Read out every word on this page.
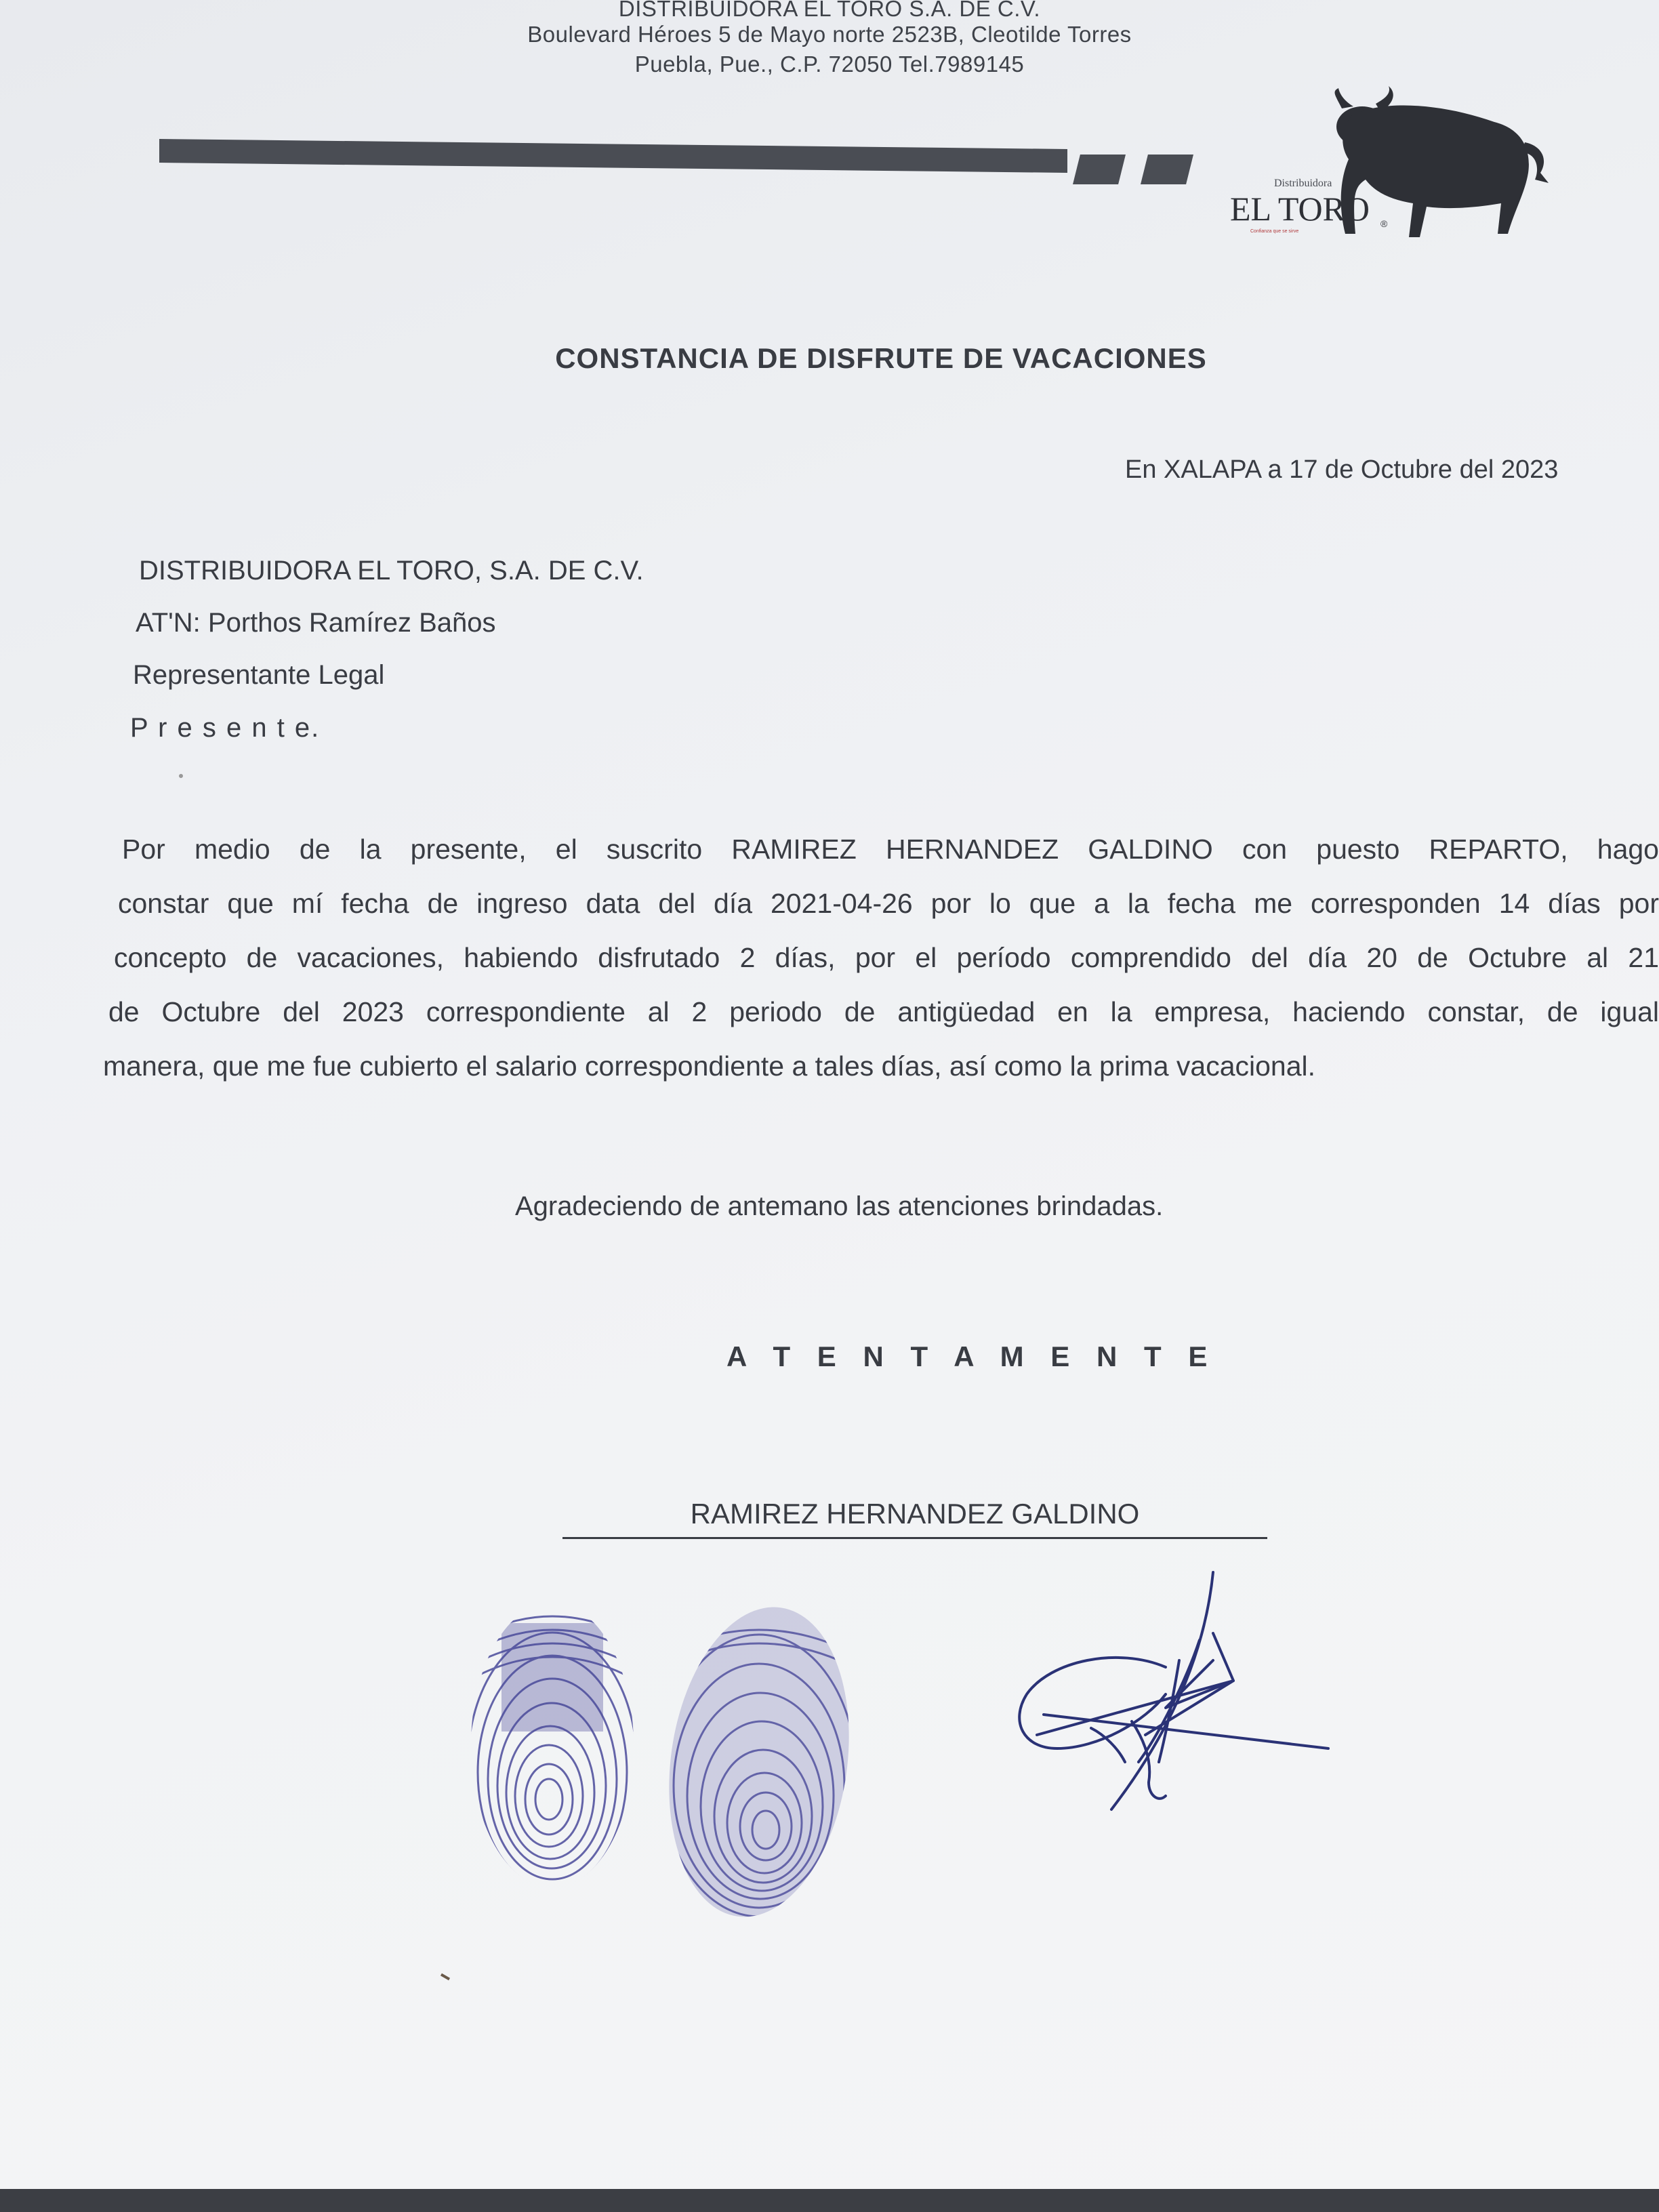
DISTRIBUIDORA EL TORO S.A. DE C.V.
Boulevard Héroes 5 de Mayo norte 2523B, Cleotilde Torres
Puebla, Pue., C.P. 72050 Tel.7989145
Distribuidora
EL TORO ®
Confianza que se sirve
CONSTANCIA DE DISFRUTE DE VACACIONES
En XALAPA a 17 de Octubre del 2023
DISTRIBUIDORA EL TORO, S.A. DE C.V.
AT'N: Porthos Ramírez Baños
Representante Legal
P r e s e n t e.
Por medio de la presente, el suscrito RAMIREZ HERNANDEZ GALDINO con puesto REPARTO, hago
constar que mí fecha de ingreso data del día 2021-04-26 por lo que a la fecha me corresponden 14 días por
concepto de vacaciones, habiendo disfrutado 2 días, por el período comprendido del día 20 de Octubre al 21
de Octubre del 2023 correspondiente al 2 periodo de antigüedad en la empresa, haciendo constar, de igual
manera, que me fue cubierto el salario correspondiente a tales días, así como la prima vacacional.
Agradeciendo de antemano las atenciones brindadas.
A T E N T A M E N T E
RAMIREZ HERNANDEZ GALDINO
